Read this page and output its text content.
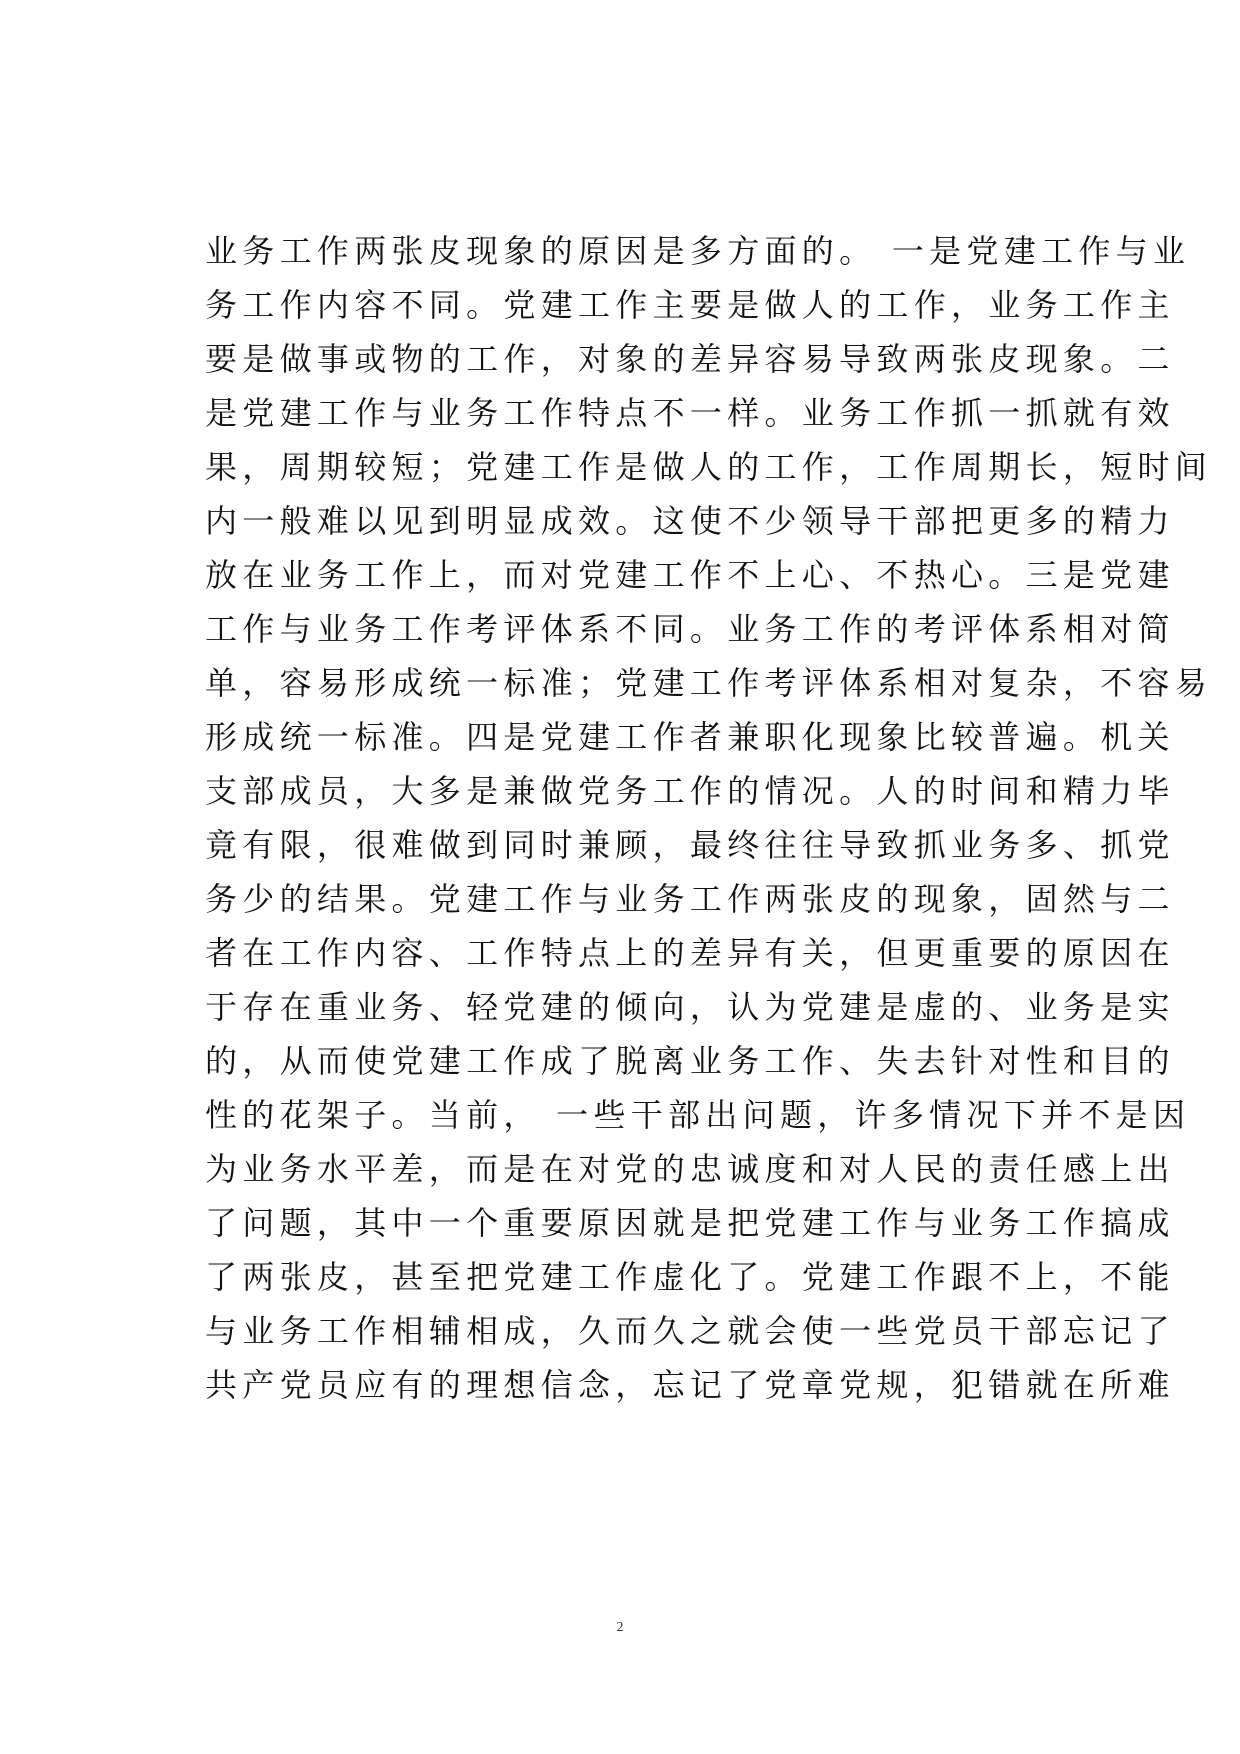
业务工作两张皮现象的原因是多方面的。 一是党建工作与业
务工作内容不同。党建工作主要是做人的工作，业务工作主
要是做事或物的工作，对象的差异容易导致两张皮现象。二
是党建工作与业务工作特点不一样。业务工作抓一抓就有效
果，周期较短；党建工作是做人的工作，工作周期长，短时间
内一般难以见到明显成效。这使不少领导干部把更多的精力
放在业务工作上，而对党建工作不上心、不热心。三是党建
工作与业务工作考评体系不同。业务工作的考评体系相对简
单，容易形成统一标准；党建工作考评体系相对复杂，不容易
形成统一标准。四是党建工作者兼职化现象比较普遍。机关
支部成员，大多是兼做党务工作的情况。人的时间和精力毕
竟有限，很难做到同时兼顾，最终往往导致抓业务多、抓党
务少的结果。党建工作与业务工作两张皮的现象，固然与二
者在工作内容、工作特点上的差异有关，但更重要的原因在
于存在重业务、轻党建的倾向，认为党建是虚的、业务是实
的，从而使党建工作成了脱离业务工作、失去针对性和目的
性的花架子。当前， 一些干部出问题，许多情况下并不是因
为业务水平差，而是在对党的忠诚度和对人民的责任感上出
了问题，其中一个重要原因就是把党建工作与业务工作搞成
了两张皮，甚至把党建工作虚化了。党建工作跟不上，不能
与业务工作相辅相成，久而久之就会使一些党员干部忘记了
共产党员应有的理想信念，忘记了党章党规，犯错就在所难
2
